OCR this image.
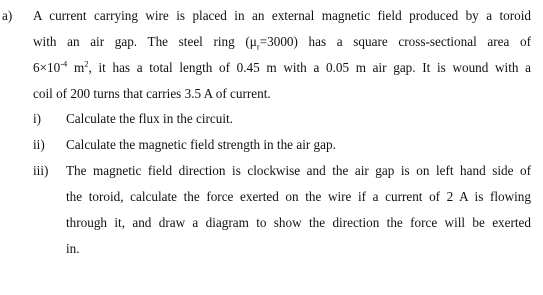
a) A current carrying wire is placed in an external magnetic field produced by a toroid
with an air gap. The steel ring $(\mu_r=3000)$ has a square cross-sectional area of
$6\times 10^{-4}$ $m^2$, it has a total length of 0.45 m with a 0.05 m air gap. It is wound with a
coil of 200 turns that carries 3.5 A of current.
i) Calculate the flux in the circuit.
ii) Calculate the magnetic field strength in the air gap.
iii) The magnetic field direction is clockwise and the air gap is on left hand side of
the toroid, calculate the force exerted on the wire if a current of 2 A is flowing
through it, and draw a diagram to show the direction the force will be exerted
in.
